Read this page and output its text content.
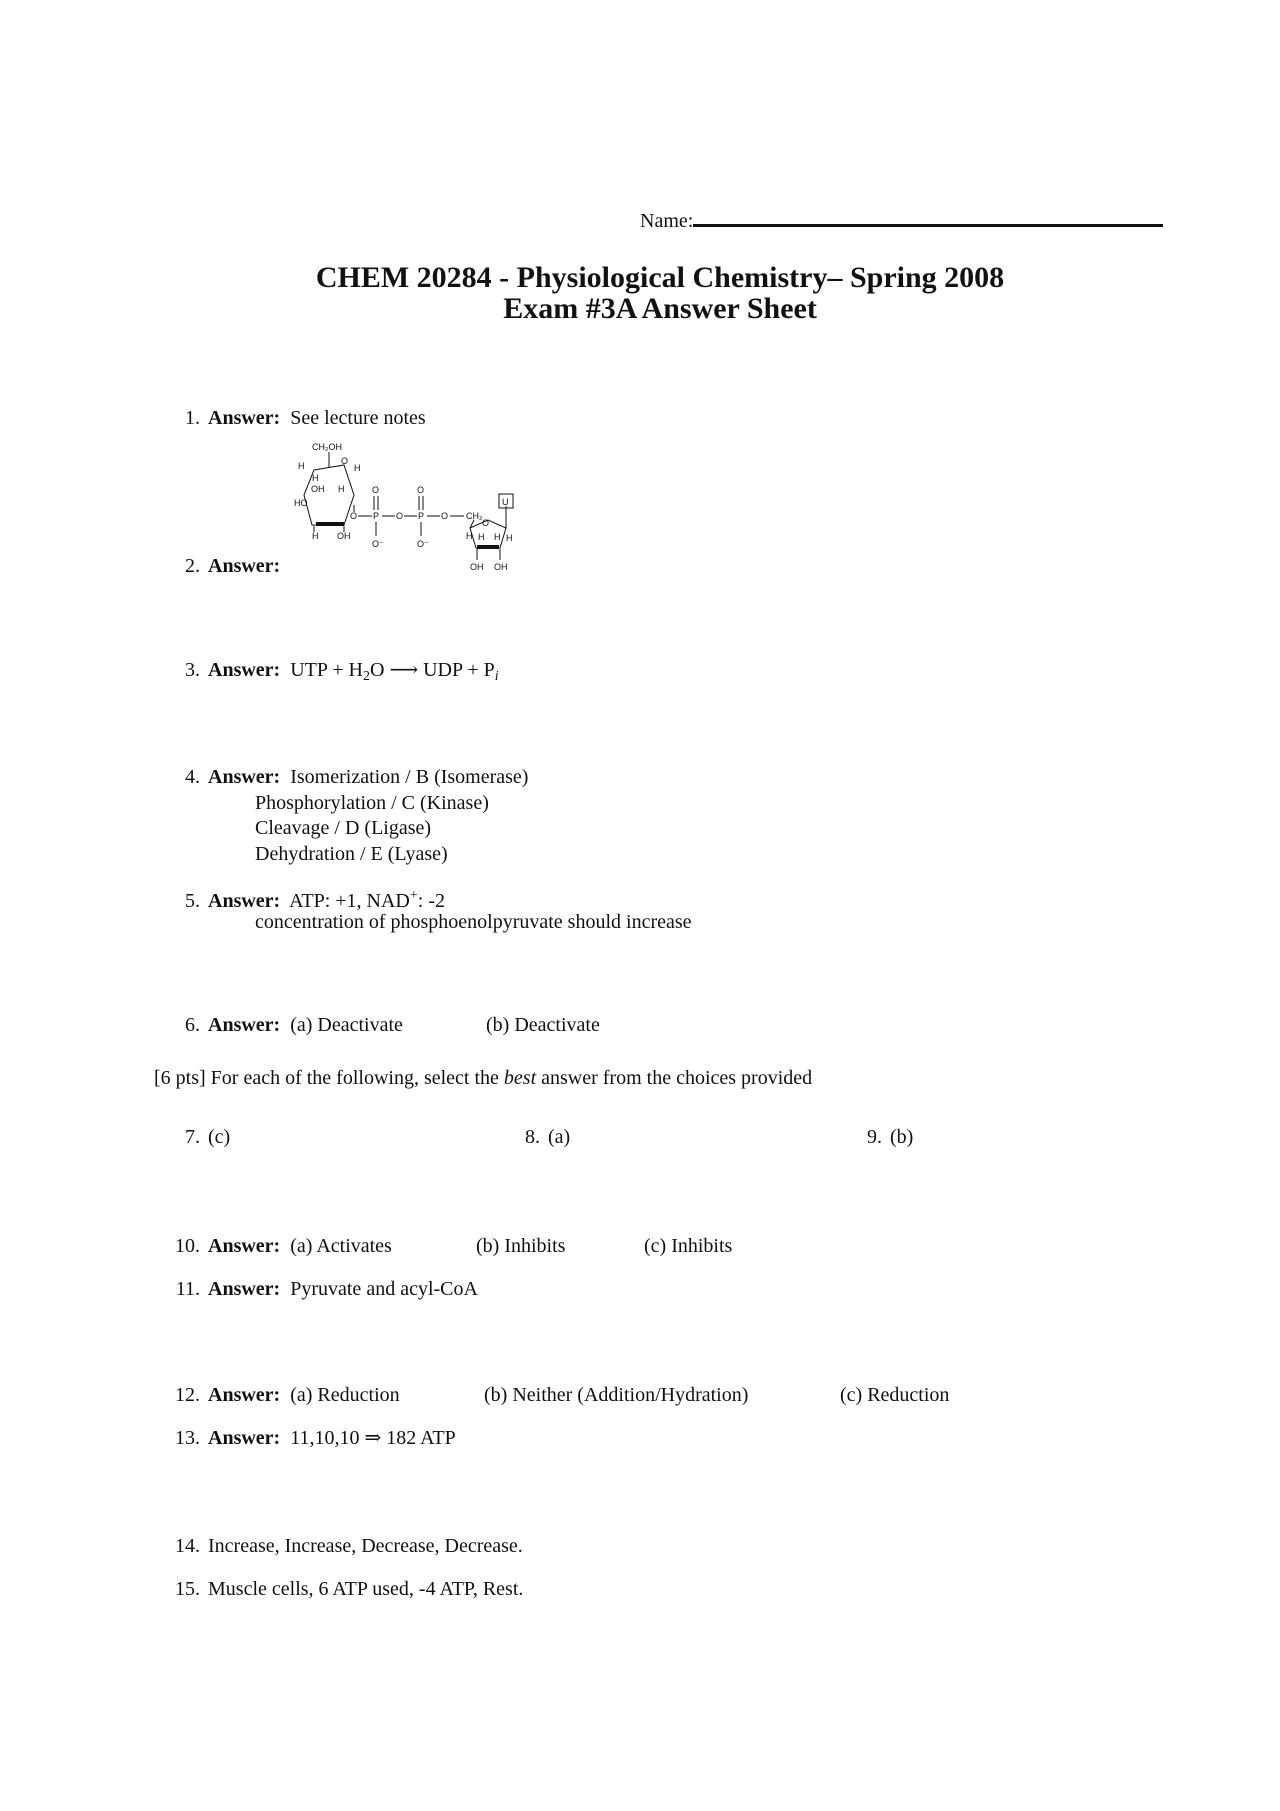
Name:
CHEM 20284 - Physiological Chemistry– Spring 2008
Exam #3A Answer Sheet
1. Answer: See lecture notes
2. Answer:
CH₂OH
O
H	H
H
OH H
HO
H OH
O P
O
O⁻
O P
O
O⁻
O CH₂
O
U
H H H H
OH OH
3. Answer: UTP + $H_2O$ ⟶ UDP + $P_i$
4. Answer: Isomerization / B (Isomerase)
Phosphorylation / C (Kinase)
Cleavage / D (Ligase)
Dehydration / E (Lyase)
5. Answer: ATP: +1, NAD+: -2
concentration of phosphoenolpyruvate should increase
6. Answer: (a) Deactivate	(b) Deactivate
[6 pts] For each of the following, select the best answer from the choices provided
7. (c)	8. (a)	9. (b)
10. Answer: (a) Activates	(b) Inhibits	(c) Inhibits
11. Answer: Pyruvate and acyl-CoA
12. Answer: (a) Reduction	(b) Neither (Addition/Hydration)	(c) Reduction
13. Answer: 11,10,10 ⇒ 182 ATP
14. Increase, Increase, Decrease, Decrease.
15. Muscle cells, 6 ATP used, -4 ATP, Rest.
